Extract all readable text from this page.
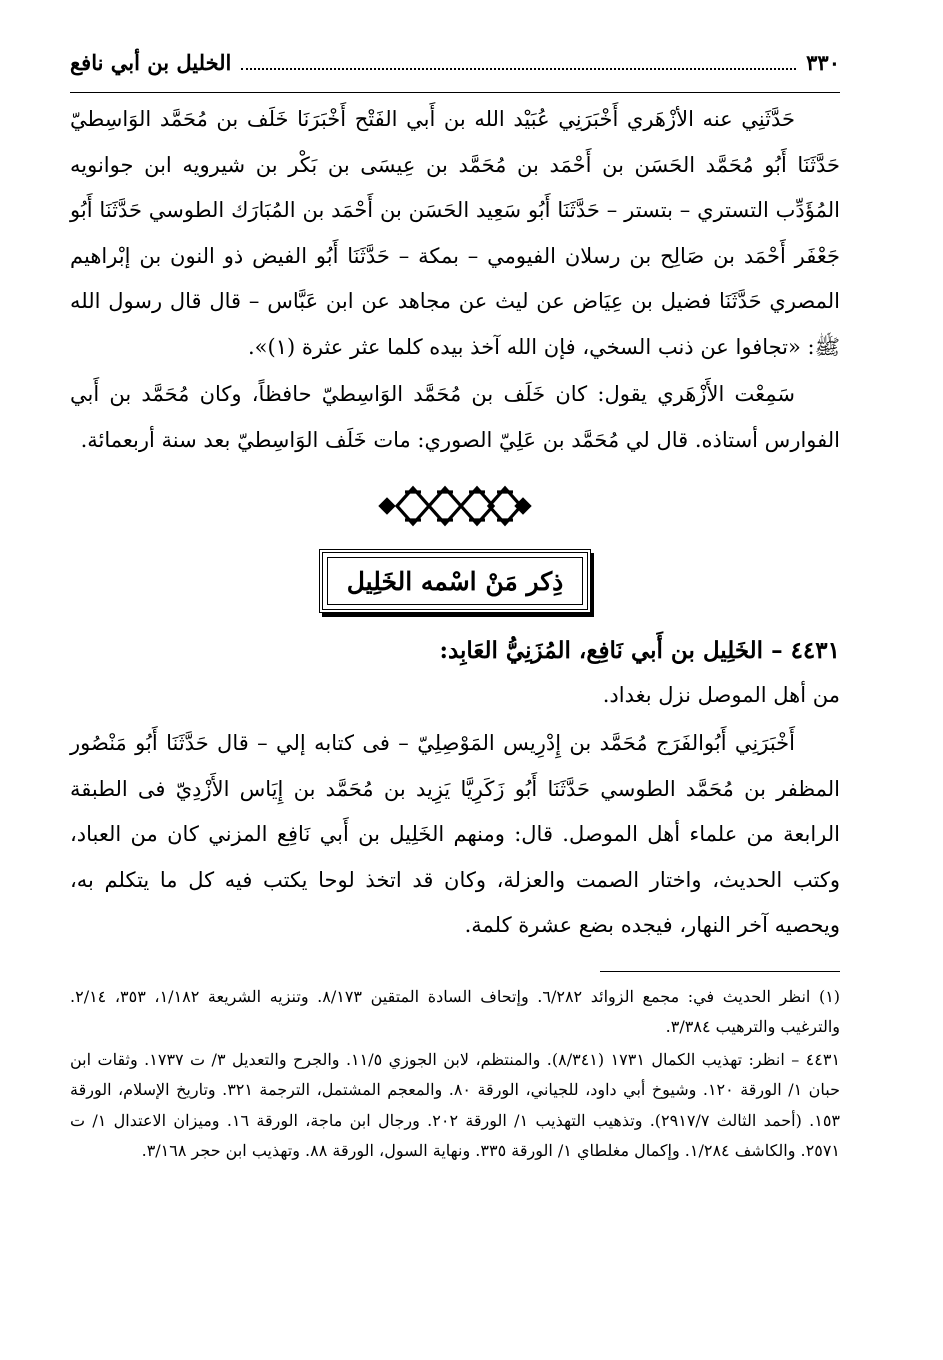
٣٣٠
الخليل بن أبي نافع

حَدَّثَنِي عنه الأزْهَري أَخْبَرَنِي عُبَيْد الله بن أَبي الفَتْح أَخْبَرَنَا خَلَف بن مُحَمَّد الوَاسِطيّ حَدَّثَنَا أَبُو مُحَمَّد الحَسَن بن أَحْمَد بن مُحَمَّد بن عِيسَى بن بَكْر بن شيرويه ابن جوانويه المُؤَدِّب التستري – بتستر – حَدَّثَنَا أَبُو سَعِيد الحَسَن بن أَحْمَد بن المُبَارَك الطوسي حَدَّثَنَا أَبُو جَعْفَر أَحْمَد بن صَالِح بن رسلان الفيومي – بمكة – حَدَّثَنَا أَبُو الفيض ذو النون بن إبْراهيم المصري حَدَّثَنَا فضيل بن عِيَاض عن ليث عن مجاهد عن ابن عَبَّاس – قال قال رسول الله ﷺ: «تجافوا عن ذنب السخي، فإن الله آخذ بيده كلما عثر عثرة (١)».

سَمِعْت الأَزْهَري يقول: كان خَلَف بن مُحَمَّد الوَاسِطيّ حافظاً، وكان مُحَمَّد بن أَبي الفوارس أستاذه. قال لي مُحَمَّد بن عَلِيّ الصوري: مات خَلَف الوَاسِطيّ بعد سنة أربعمائة.

ذِكر مَنْ اسْمه الخَلِيل
٤٤٣١– الخَلِيل بن أَبي نَافِع، المُزَنِيُّ العَابِد:

من أهل الموصل نزل بغداد.

أَخْبَرَنِي أَبُوالفَرَج مُحَمَّد بن إِدْرِيس المَوْصِلِيّ – فى كتابه إلي – قال حَدَّثَنَا أَبُو مَنْصُور المظفر بن مُحَمَّد الطوسي حَدَّثَنَا أَبُو زَكَرِيَّا يَزِيد بن مُحَمَّد بن إِيَاس الأَزْدِيّ فى الطبقة الرابعة من علماء أهل الموصل. قال: ومنهم الخَلِيل بن أَبي نَافِع المزني كان من العباد، وكتب الحديث، واختار الصمت والعزلة، وكان قد اتخذ لوحا يكتب فيه كل ما يتكلم به، ويحصيه آخر النهار، فيجده بضع عشرة كلمة.

(١) انظر الحديث في: مجمع الزوائد ٦/٢٨٢. وإتحاف السادة المتقين ٨/١٧٣. وتنزيه الشريعة ١/١٨٢، ٣٥٣، ٢/١٤. والترغيب والترهيب ٣/٣٨٤.
٤٤٣١ – انظر: تهذيب الكمال ١٧٣١ (٨/٣٤١). والمنتظم، لابن الجوزي ١١/٥. والجرح والتعديل ٣/ ت ١٧٣٧. وثقات ابن حبان ١/ الورقة ١٢٠. وشيوخ أبي داود، للجياني، الورقة ٨٠. والمعجم المشتمل، الترجمة ٣٢١. وتاريخ الإسلام، الورقة ١٥٣. (أحمد الثالث ٢٩١٧/٧). وتذهيب التهذيب ١/ الورقة ٢٠٢. ورجال ابن ماجة، الورقة ١٦. وميزان الاعتدال ١/ ت ٢٥٧١. والكاشف ١/٢٨٤. وإكمال مغلطاي ١/ الورقة ٣٣٥. ونهاية السول، الورقة ٨٨. وتهذيب ابن حجر ٣/١٦٨.
